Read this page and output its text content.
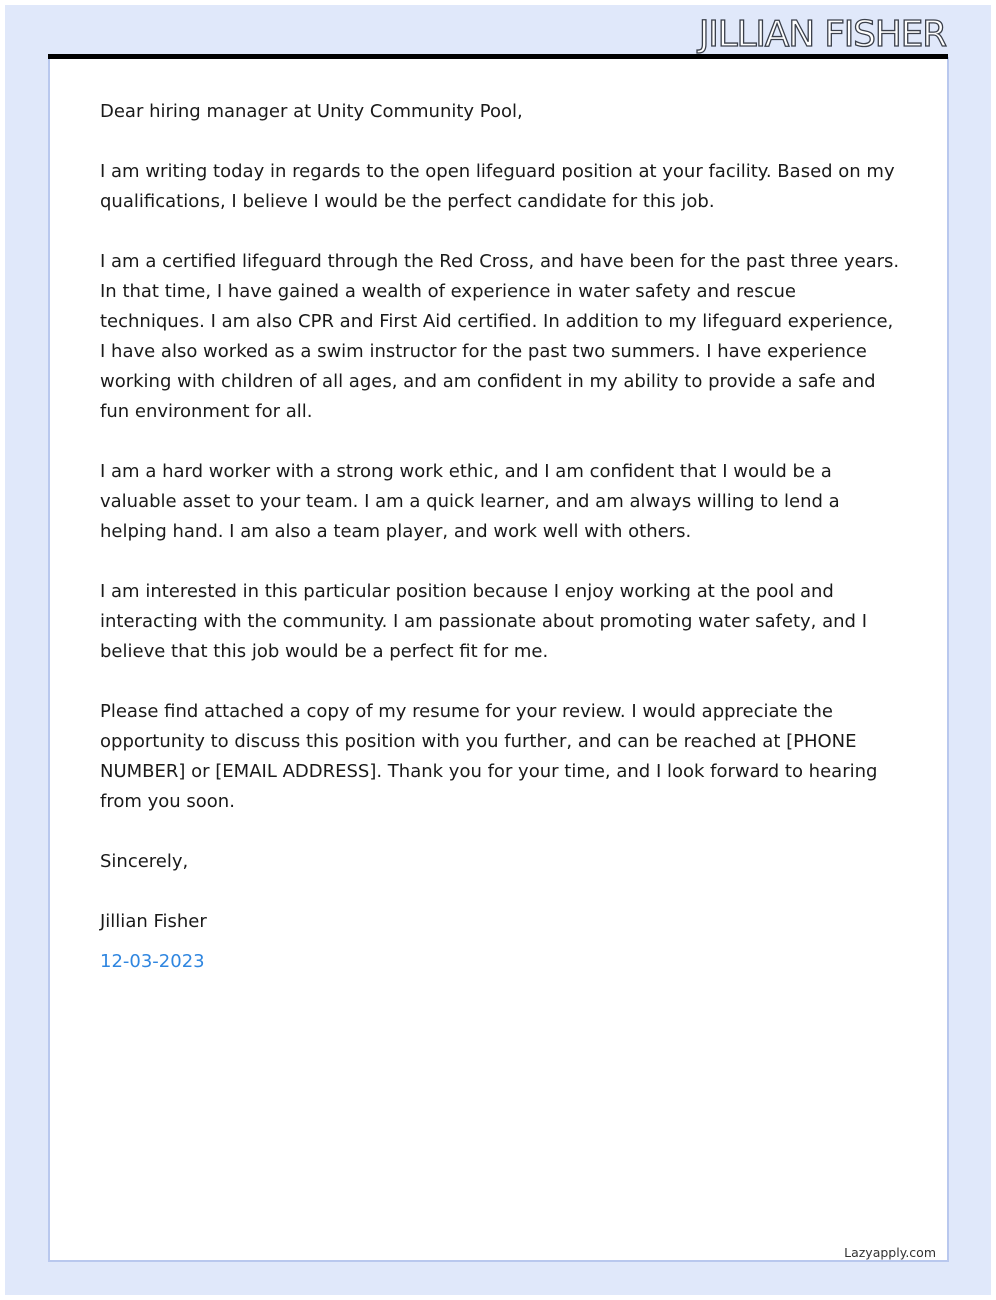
JILLIAN FISHER

Dear hiring manager at Unity Community Pool,

I am writing today in regards to the open lifeguard position at your facility. Based on my qualifications, I believe I would be the perfect candidate for this job.

I am a certified lifeguard through the Red Cross, and have been for the past three years. In that time, I have gained a wealth of experience in water safety and rescue techniques. I am also CPR and First Aid certified. In addition to my lifeguard experience, I have also worked as a swim instructor for the past two summers. I have experience working with children of all ages, and am confident in my ability to provide a safe and fun environment for all.

I am a hard worker with a strong work ethic, and I am confident that I would be a valuable asset to your team. I am a quick learner, and am always willing to lend a helping hand. I am also a team player, and work well with others.

I am interested in this particular position because I enjoy working at the pool and interacting with the community. I am passionate about promoting water safety, and I believe that this job would be a perfect fit for me.

Please find attached a copy of my resume for your review. I would appreciate the opportunity to discuss this position with you further, and can be reached at [PHONE NUMBER] or [EMAIL ADDRESS]. Thank you for your time, and I look forward to hearing from you soon.

Sincerely,

Jillian Fisher

12-03-2023

Lazyapply.com
